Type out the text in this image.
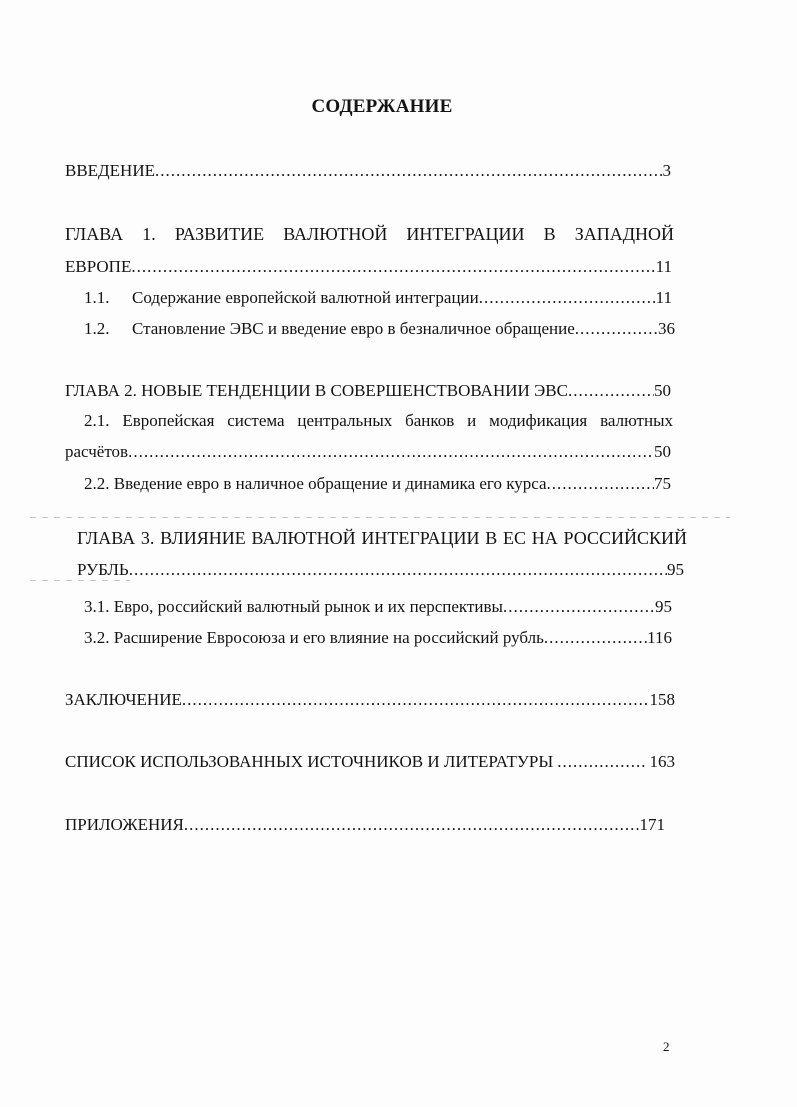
СОДЕРЖАНИЕ
ВВЕДЕНИЕ .....	3
ГЛАВА 1. РАЗВИТИЕ ВАЛЮТНОЙ ИНТЕГРАЦИИ В ЗАПАДНОЙ
ЕВРОПЕ .....	11
1.1.	Содержание европейской валютной интеграции .....	11
1.2.	Становление ЭВС и введение евро в безналичное обращение .....	36
ГЛАВА 2. НОВЫЕ ТЕНДЕНЦИИ В СОВЕРШЕНСТВОВАНИИ ЭВС .....	50
2.1. Европейская система центральных банков и модификация валютных
расчётов .....	50
2.2. Введение евро в наличное обращение и динамика его курса .....	75
ГЛАВА 3. ВЛИЯНИЕ ВАЛЮТНОЙ ИНТЕГРАЦИИ В ЕС НА РОССИЙСКИЙ
РУБЛЬ .....	95
3.1. Евро, российский валютный рынок и их перспективы .....	95
3.2. Расширение Евросоюза и его влияние на российский рубль .....	116
ЗАКЛЮЧЕНИЕ .....	158
СПИСОК ИСПОЛЬЗОВАННЫХ ИСТОЧНИКОВ И ЛИТЕРАТУРЫ .....	163
ПРИЛОЖЕНИЯ .....	171
2
